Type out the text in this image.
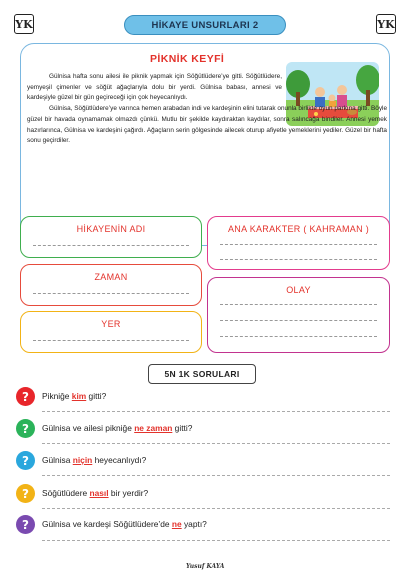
YK	HİKAYE UNSURLARI 2	YK
PİKNİK KEYFİ

Gülnisa hafta sonu ailesi ile piknik yapmak için Söğütlüdere’ye gitti. Söğütlüdere, yemyeşil çimenler ve söğüt ağaçlarıyla dolu bir yerdi. Gülnisa babası, annesi ve kardeşiyle güzel bir gün geçireceği için çok heyecanlıydı.

Gülnisa, Söğütlüdere’ye varınca hemen arabadan indi ve kardeşinin elini tutarak onunla birlikte oyun parkına gitti. Böyle güzel bir havada oynamamak olmazdı çünkü. Mutlu bir şekilde kaydıraktan kaydılar, sonra salıncağa bindiler. Annesi yemek hazırlarınca, Gülnisa ve kardeşini çağırdı. Ağaçların serin gölgesinde ailecek oturup afiyetle yemeklerini yediler. Güzel bir hafta sonu geçirdiler.

HİKAYENİN ADI	ANA KARAKTER ( KAHRAMAN )
ZAMAN
OLAY
YER
5N 1K SORULARI
?	Pikniğe kim gitti?
?	Gülnisa ve ailesi pikniğe ne zaman gitti?
?	Gülnisa niçin heyecanlıydı?
?	Söğütlüdere nasıl bir yerdir?
?	Gülnisa ve kardeşi Söğütlüdere’de ne yaptı?
Yusuf KAYA
